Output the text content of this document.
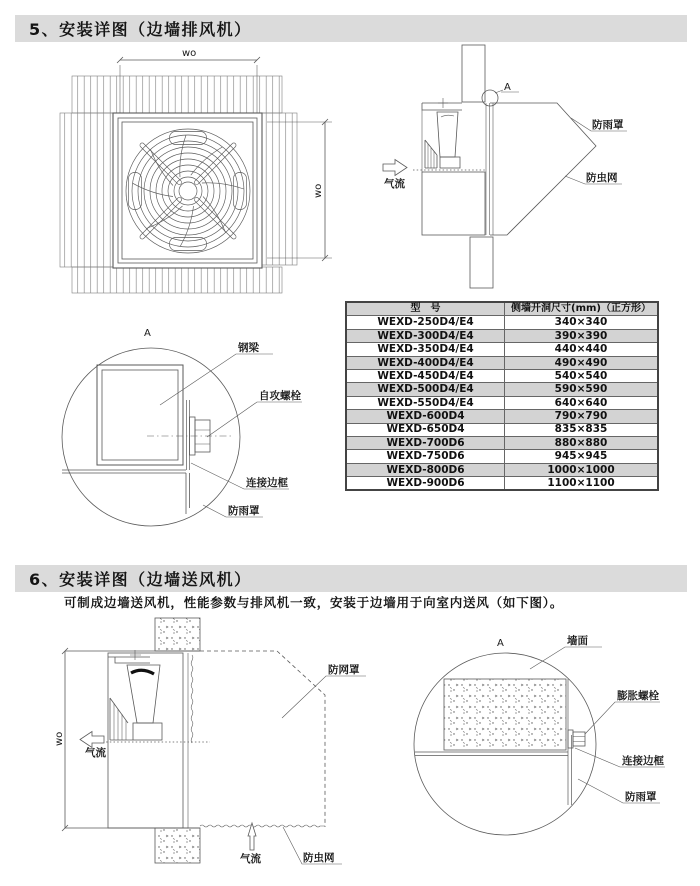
5、安装详图（边墙排风机）
wo
wo
A
气流
防雨罩
防虫网
A
钢梁
自攻螺栓
连接边框
防雨罩
型　号	侧墙开洞尺寸(mm)（正方形）
WEXD-250D4/E4	340×340
WEXD-300D4/E4	390×390
WEXD-350D4/E4	440×440
WEXD-400D4/E4	490×490
WEXD-450D4/E4	540×540
WEXD-500D4/E4	590×590
WEXD-550D4/E4	640×640
WEXD-600D4	790×790
WEXD-650D4	835×835
WEXD-700D6	880×880
WEXD-750D6	945×945
WEXD-800D6	1000×1000
WEXD-900D6	1100×1100
6、安装详图（边墙送风机）
可制成边墙送风机，性能参数与排风机一致，安装于边墙用于向室内送风（如下图）。
wo
气流
防网罩
气流	防虫网
A	墙面
膨胀螺栓
连接边框
防雨罩
